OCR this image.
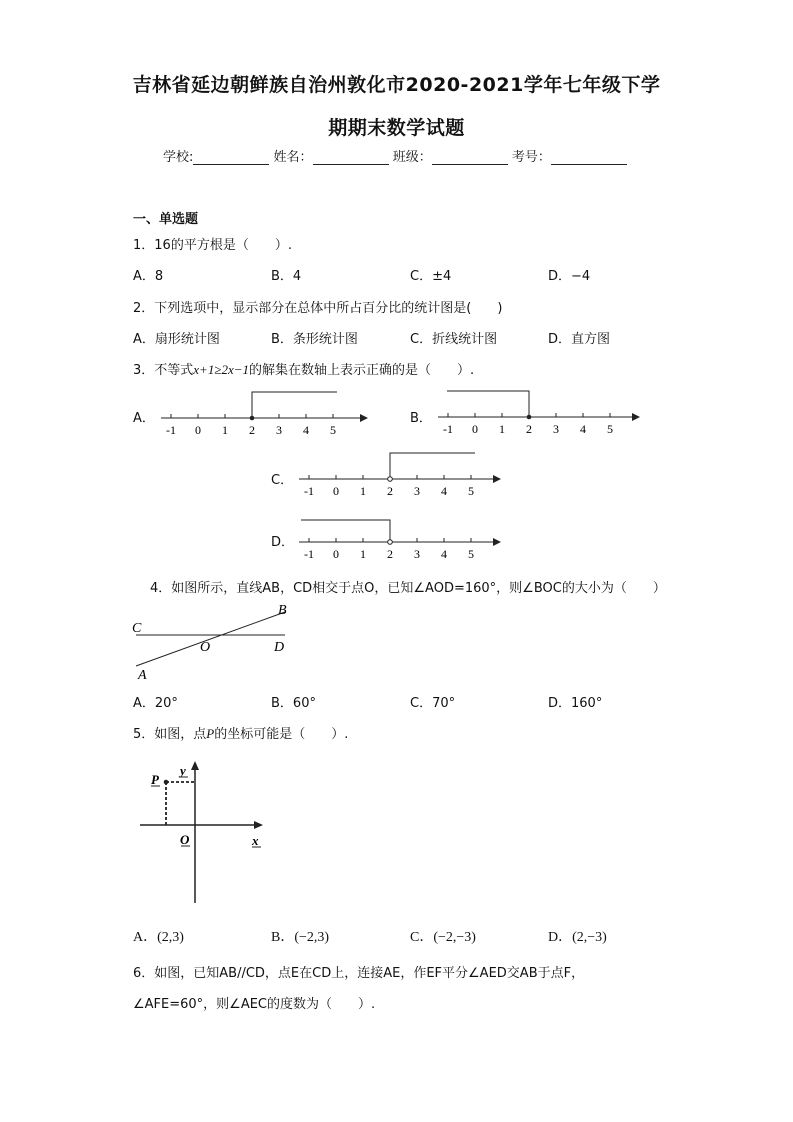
吉林省延边朝鲜族自治州敦化市2020-2021学年七年级下学
期期末数学试题
学校:	姓名：	班级：	考号：
一、单选题
1．16的平方根是（　　）.
A．8	B．4	C．±4	D．−4
2．下列选项中，显示部分在总体中所占百分比的统计图是(　　)
A．扇形统计图	B．条形统计图	C．折线统计图	D．直方图
3．不等式x+1≥2x−1的解集在数轴上表示正确的是（　　）.
A．	B．
C．
D．
-1 0 1 2 3 4 5	-1 0 1 2 3 4 5
-1 0 1 2 3 4 5
-1 0 1 2 3 4 5
4．如图所示，直线AB，CD相交于点O，已知∠AOD=160°，则∠BOC的大小为（　　）
C
B
O	D
A
A．20°	B．60°	C．70°	D．160°
5．如图，点P的坐标可能是（　　）.
P
y
x
O
A．(2,3)	B．(−2,3)	C．(−2,−3)	D．(2,−3)
6．如图，已知AB//CD，点E在CD上，连接AE，作EF平分∠AED交AB于点F，
∠AFE=60°，则∠AEC的度数为（　　）.
